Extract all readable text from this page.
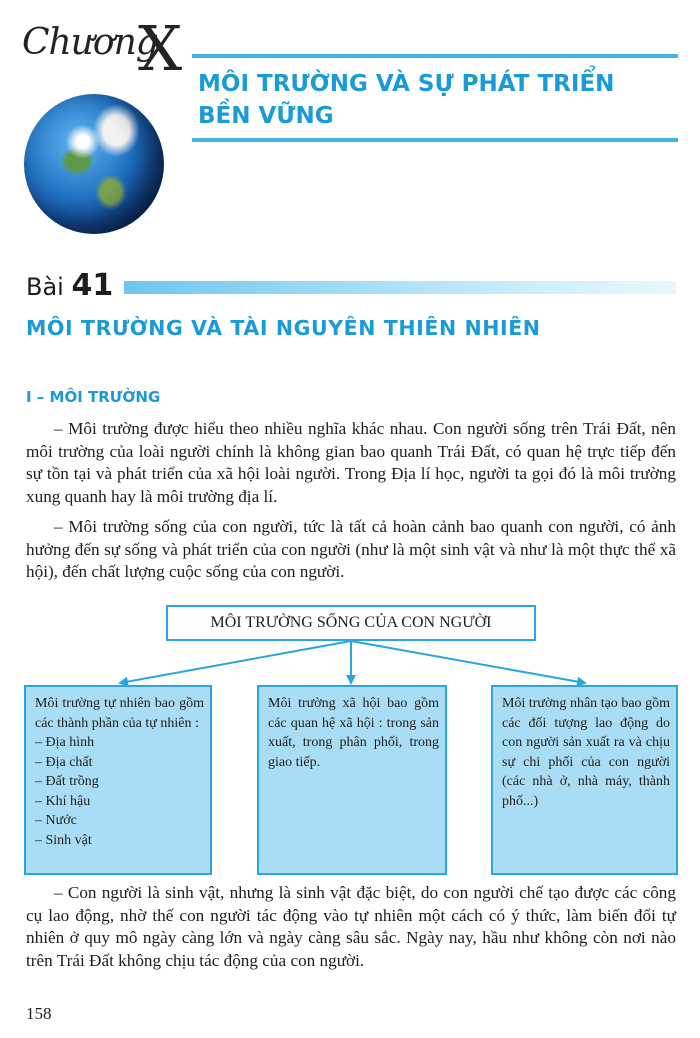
Chương
X MÔI TRƯỜNG VÀ SỰ PHÁT TRIỂN BỀN VỮNG
Bài 41
MÔI TRƯỜNG VÀ TÀI NGUYÊN THIÊN NHIÊN
I – MÔI TRƯỜNG

– Môi trường được hiểu theo nhiều nghĩa khác nhau. Con người sống trên Trái Đất, nên môi trường của loài người chính là không gian bao quanh Trái Đất, có quan hệ trực tiếp đến sự tồn tại và phát triển của xã hội loài người. Trong Địa lí học, người ta gọi đó là môi trường xung quanh hay là môi trường địa lí.

– Môi trường sống của con người, tức là tất cả hoàn cảnh bao quanh con người, có ảnh hưởng đến sự sống và phát triển của con người (như là một sinh vật và như là một thực thể xã hội), đến chất lượng cuộc sống của con người.

MÔI TRƯỜNG SỐNG CỦA CON NGƯỜI

Môi trường tự nhiên bao gồm các thành phần của tự nhiên :

– Địa hình
– Địa chất
– Đất trồng
– Khí hậu
– Nước
– Sinh vật

Môi trường xã hội bao gồm các quan hệ xã hội : trong sản xuất, trong phân phối, trong giao tiếp.

Môi trường nhân tạo bao gồm các đối tượng lao động do con người sản xuất ra và chịu sự chi phối của con người (các nhà ở, nhà máy, thành phố...)

– Con người là sinh vật, nhưng là sinh vật đặc biệt, do con người chế tạo được các công cụ lao động, nhờ thế con người tác động vào tự nhiên một cách có ý thức, làm biến đổi tự nhiên ở quy mô ngày càng lớn và ngày càng sâu sắc. Ngày nay, hầu như không còn nơi nào trên Trái Đất không chịu tác động của con người.

158
